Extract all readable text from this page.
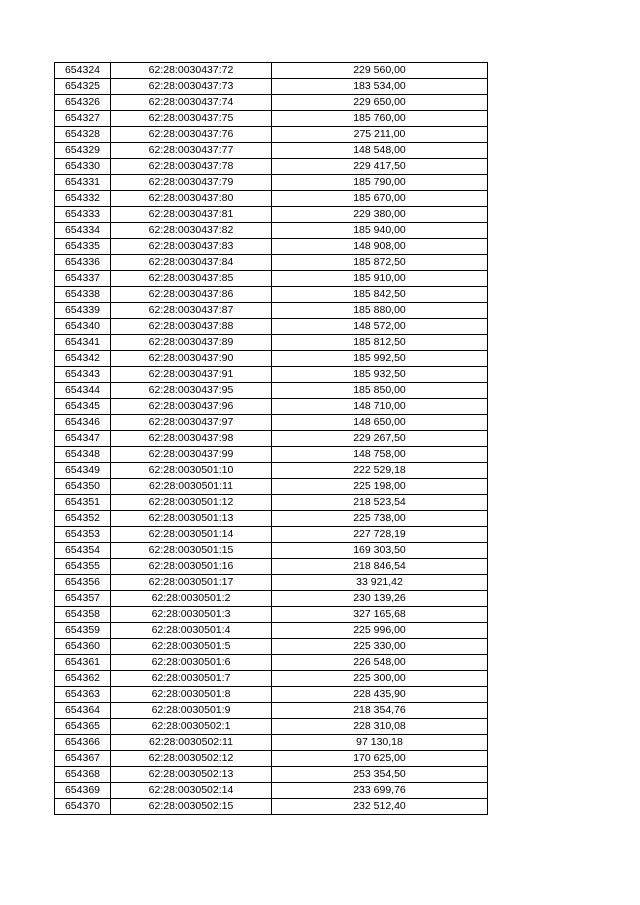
654324	62:28:0030437:72	229 560,00
654325	62:28:0030437:73	183 534,00
654326	62:28:0030437:74	229 650,00
654327	62:28:0030437:75	185 760,00
654328	62:28:0030437:76	275 211,00
654329	62:28:0030437:77	148 548,00
654330	62:28:0030437:78	229 417,50
654331	62:28:0030437:79	185 790,00
654332	62:28:0030437:80	185 670,00
654333	62:28:0030437:81	229 380,00
654334	62:28:0030437:82	185 940,00
654335	62:28:0030437:83	148 908,00
654336	62:28:0030437:84	185 872,50
654337	62:28:0030437:85	185 910,00
654338	62:28:0030437:86	185 842,50
654339	62:28:0030437:87	185 880,00
654340	62:28:0030437:88	148 572,00
654341	62:28:0030437:89	185 812,50
654342	62:28:0030437:90	185 992,50
654343	62:28:0030437:91	185 932,50
654344	62:28:0030437:95	185 850,00
654345	62:28:0030437:96	148 710,00
654346	62:28:0030437:97	148 650,00
654347	62:28:0030437:98	229 267,50
654348	62:28:0030437:99	148 758,00
654349	62:28:0030501:10	222 529,18
654350	62:28:0030501:11	225 198,00
654351	62:28:0030501:12	218 523,54
654352	62:28:0030501:13	225 738,00
654353	62:28:0030501:14	227 728,19
654354	62:28:0030501:15	169 303,50
654355	62:28:0030501:16	218 846,54
654356	62:28:0030501:17	33 921,42
654357	62:28:0030501:2	230 139,26
654358	62:28:0030501:3	327 165,68
654359	62:28:0030501:4	225 996,00
654360	62:28:0030501:5	225 330,00
654361	62:28:0030501:6	226 548,00
654362	62:28:0030501:7	225 300,00
654363	62:28:0030501:8	228 435,90
654364	62:28:0030501:9	218 354,76
654365	62:28:0030502:1	228 310,08
654366	62:28:0030502:11	97 130,18
654367	62:28:0030502:12	170 625,00
654368	62:28:0030502:13	253 354,50
654369	62:28:0030502:14	233 699,76
654370	62:28:0030502:15	232 512,40
